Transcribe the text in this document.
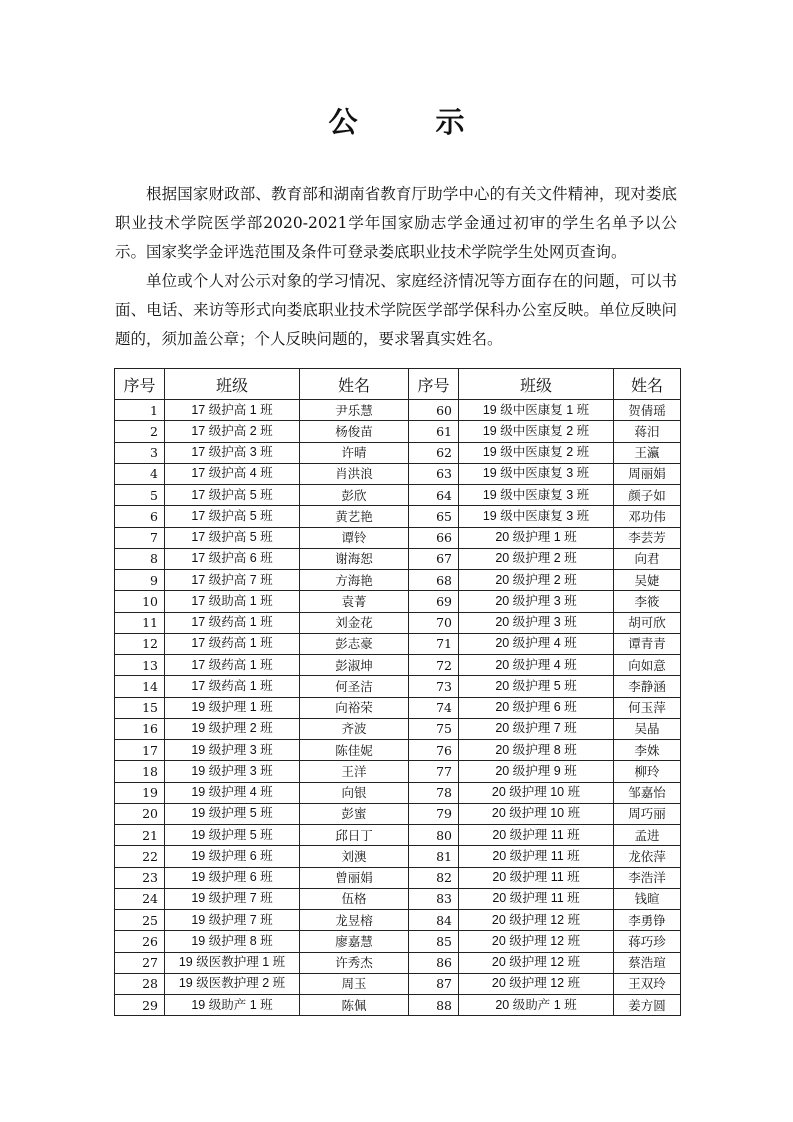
公 示

根据国家财政部、教育部和湖南省教育厅助学中心的有关文件精神，现对娄底职业技术学院医学部2020-2021学年国家励志学金通过初审的学生名单予以公示。国家奖学金评选范围及条件可登录娄底职业技术学院学生处网页查询。

单位或个人对公示对象的学习情况、家庭经济情况等方面存在的问题，可以书面、电话、来访等形式向娄底职业技术学院医学部学保科办公室反映。单位反映问题的，须加盖公章；个人反映问题的，要求署真实姓名。

序号	班级	姓名	序号	班级	姓名
1	17 级护高 1 班	尹乐慧	60	19 级中医康复 1 班	贺倩瑶
2	17 级护高 2 班	杨俊苗	61	19 级中医康复 2 班	蒋汨
3	17 级护高 3 班	许晴	62	19 级中医康复 2 班	王瀛
4	17 级护高 4 班	肖洪浪	63	19 级中医康复 3 班	周丽娟
5	17 级护高 5 班	彭欣	64	19 级中医康复 3 班	颜子如
6	17 级护高 5 班	黄艺艳	65	19 级中医康复 3 班	邓功伟
7	17 级护高 5 班	谭铃	66	20 级护理 1 班	李芸芳
8	17 级护高 6 班	谢海恕	67	20 级护理 2 班	向君
9	17 级护高 7 班	方海艳	68	20 级护理 2 班	吴婕
10	17 级助高 1 班	袁菁	69	20 级护理 3 班	李筱
11	17 级药高 1 班	刘金花	70	20 级护理 3 班	胡可欣
12	17 级药高 1 班	彭志豪	71	20 级护理 4 班	谭青青
13	17 级药高 1 班	彭淑坤	72	20 级护理 4 班	向如意
14	17 级药高 1 班	何圣洁	73	20 级护理 5 班	李静涵
15	19 级护理 1 班	向裕荣	74	20 级护理 6 班	何玉萍
16	19 级护理 2 班	齐波	75	20 级护理 7 班	吴晶
17	19 级护理 3 班	陈佳妮	76	20 级护理 8 班	李姝
18	19 级护理 3 班	王洋	77	20 级护理 9 班	柳玲
19	19 级护理 4 班	向银	78	20 级护理 10 班	邹嘉怡
20	19 级护理 5 班	彭蜜	79	20 级护理 10 班	周巧丽
21	19 级护理 5 班	邱日丁	80	20 级护理 11 班	孟进
22	19 级护理 6 班	刘澳	81	20 级护理 11 班	龙依萍
23	19 级护理 6 班	曾丽娟	82	20 级护理 11 班	李浩洋
24	19 级护理 7 班	伍格	83	20 级护理 11 班	钱暄
25	19 级护理 7 班	龙昱榕	84	20 级护理 12 班	李勇铮
26	19 级护理 8 班	廖嘉慧	85	20 级护理 12 班	蒋巧珍
27	19 级医教护理 1 班	许秀杰	86	20 级护理 12 班	蔡浩瑄
28	19 级医教护理 2 班	周玉	87	20 级护理 12 班	王双玲
29	19 级助产 1 班	陈佩	88	20 级助产 1 班	姜方圆
